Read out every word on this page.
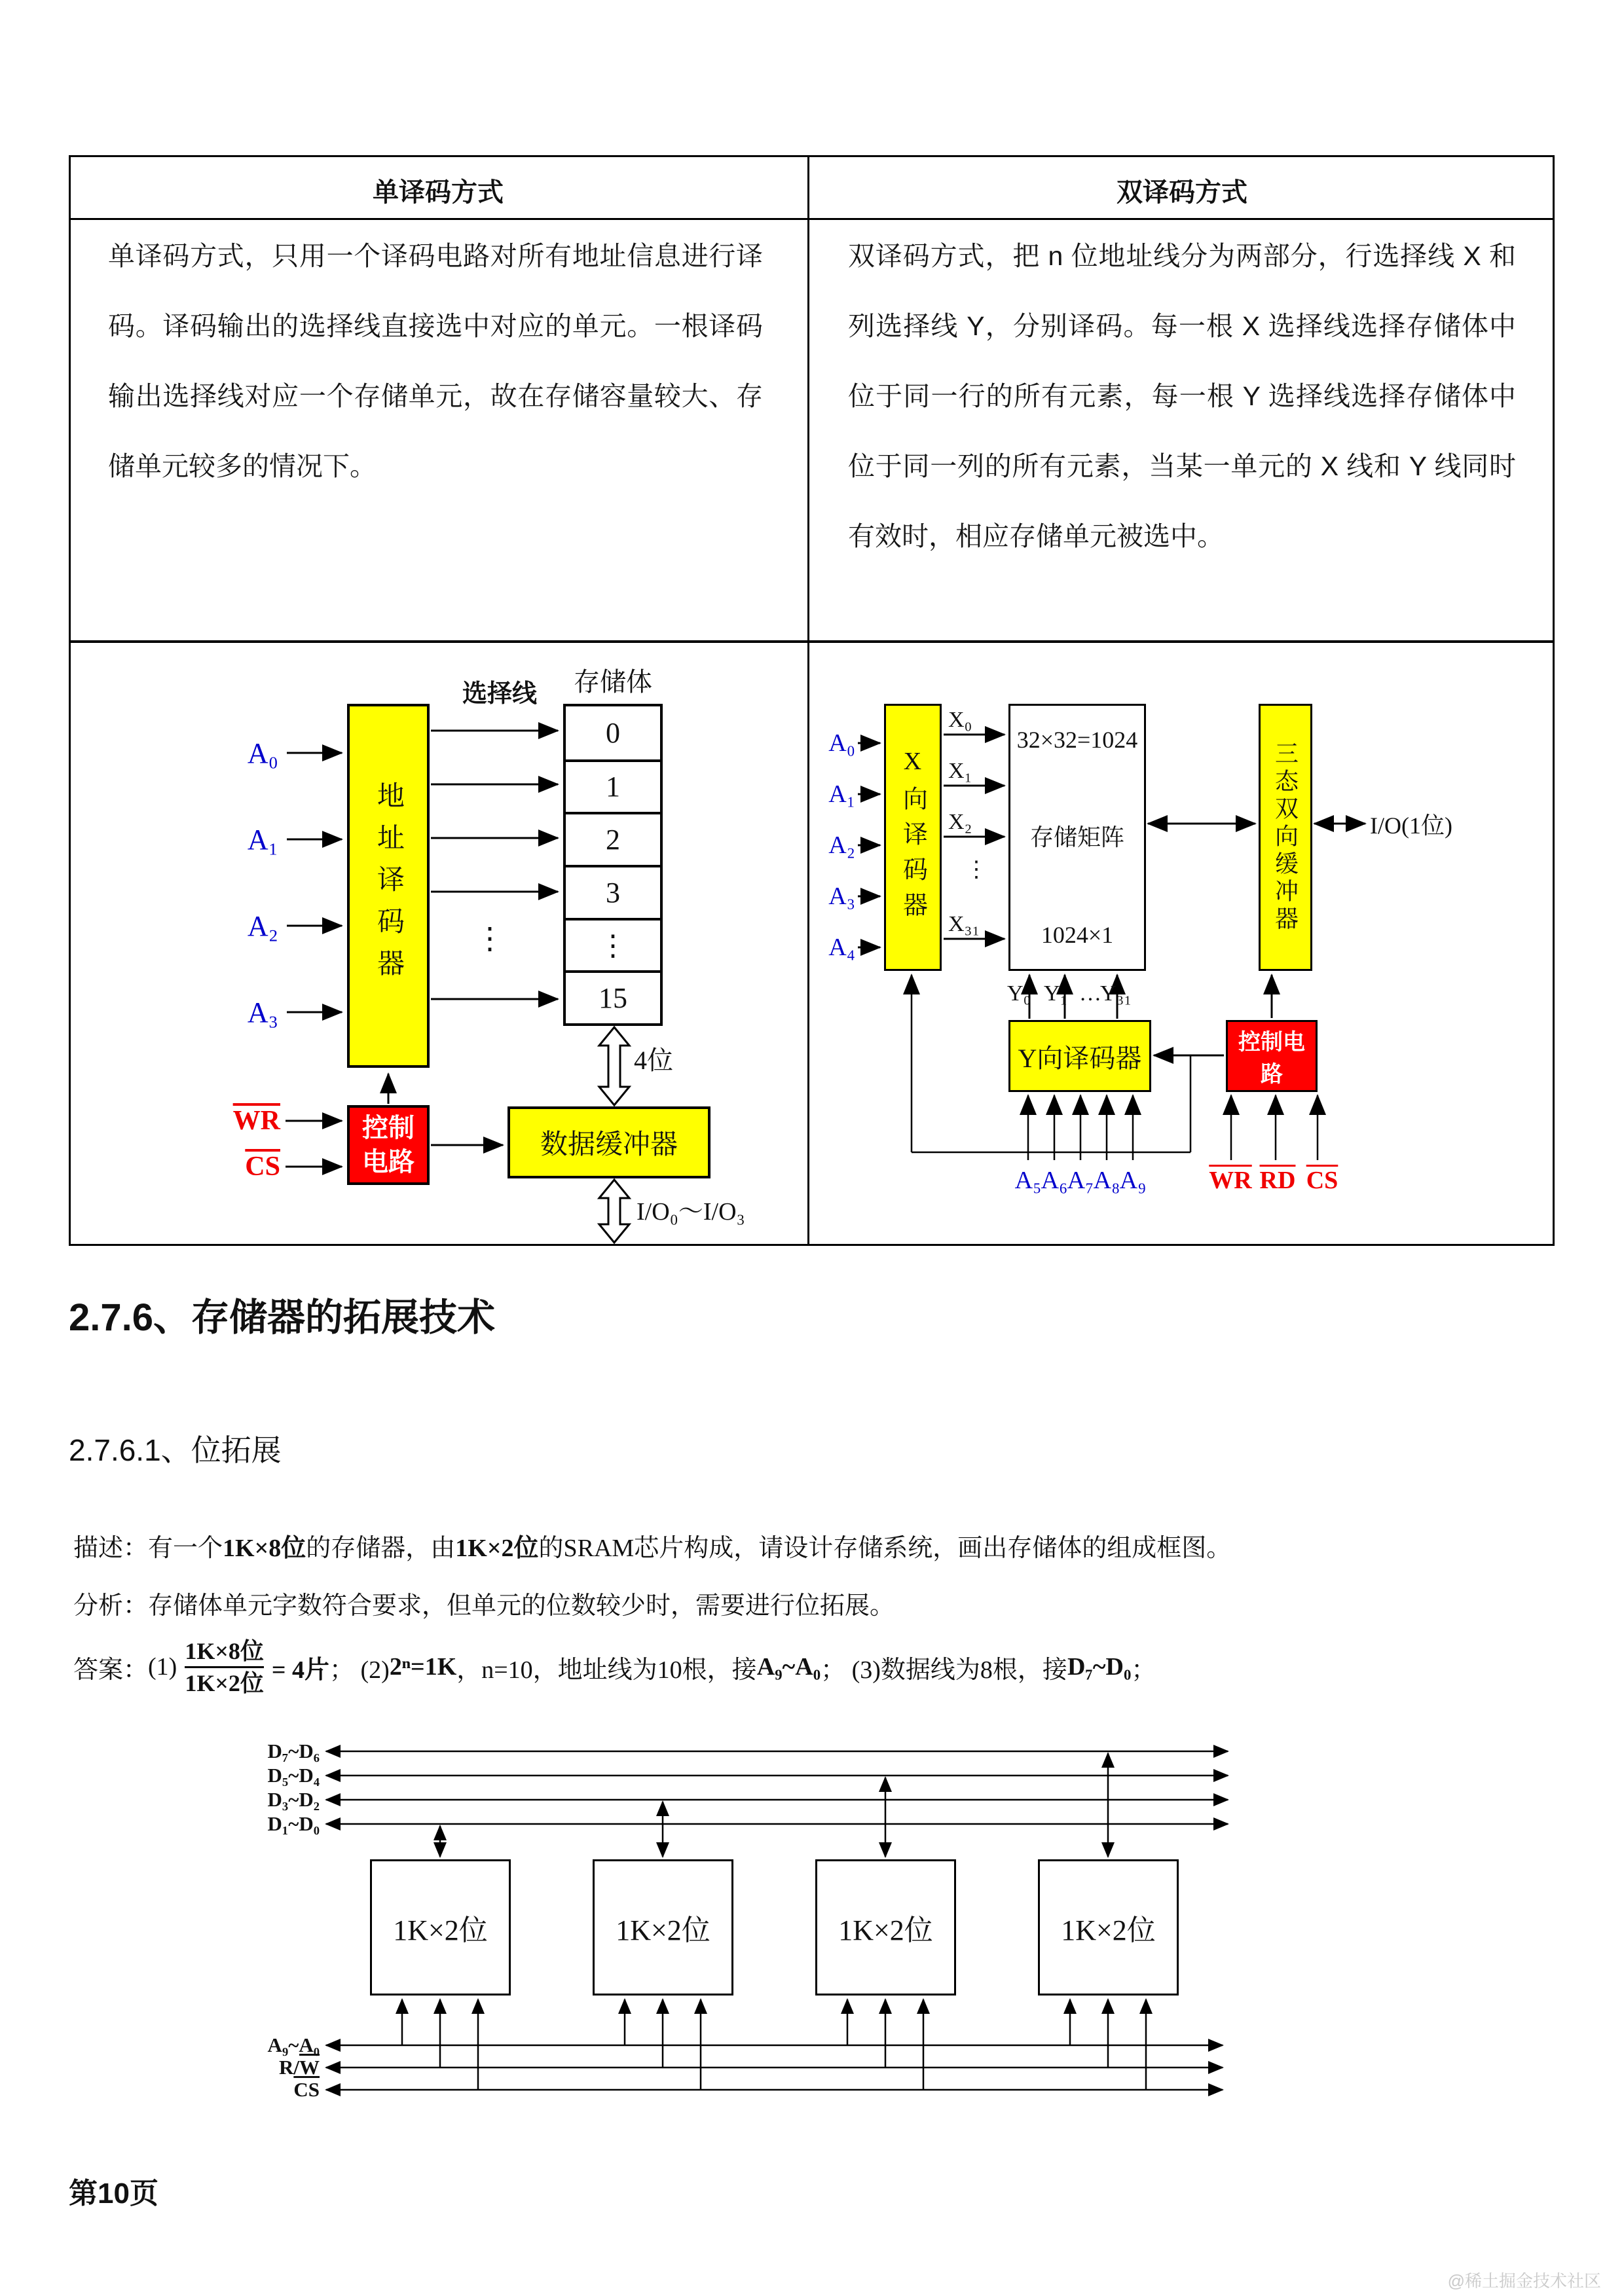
单译码方式	双译码方式
单译码方式，只用一个译码电路对所有地址信息进行译码。译码输出的选择线直接选中对应的单元。一根译码输出选择线对应一个存储单元，故在存储容量较大、存储单元较多的情况下。
双译码方式，把 n 位地址线分为两部分，行选择线 X 和列选择线 Y，分别译码。每一根 X 选择线选择存储体中位于同一行的所有元素，每一根 Y 选择线选择存储体中位于同一列的所有元素，当某一单元的 X 线和 Y 线同时有效时，相应存储单元被选中。
2.7.6、存储器的拓展技术
2.7.6.1、位拓展
描述： 有一个 1K×8位 的存储器，由 1K×2位 的SRAM芯片构成，请设计存储系统，画出存储体的组成框图。
分析： 存储体单元字数符合要求，但单元的位数较少时，需要进行位拓展。
答案： $(1) \frac{\text{1K×8位}}{\text{1K×2位}} = 4$片 ； (2) 2ⁿ=1K ，n=10，地址线为10根，接 A₉~A₀ ； (3)数据线为8根，接 D₇~D₀ ；
第10页
@稀土掘金技术社区
存储体
0
1
2
3
⋮
15
地址译码器
选择线
⋮
A₀
A₁
A₂
A₃
控制
电路
$\overline{WR}$
$\overline{CS}$
数据缓冲器
4位
I/O₀～I/O₃
X向译码器
A₀
A₁
A₂
A₃
A₄
X₀
X₁
X₂
⋮
X₃₁
32×32=1024
存储矩阵
1024×1
三态双向缓冲器	I/O(1位)
Y₀ Y₁ …
Y₃₁
Y向译码器
控制电路
A₅ A₆ A₇ A₈ A₉	$\overline{WR}$ $\overline{RD}$ $\overline{CS}$
D₇~D₆
D₅~D₄
D₃~D₂
D₁~D₀
1K×2位	1K×2位	1K×2位	1K×2位
A₉~A₀
R/ $\overline{W}$
$\overline{CS}$
